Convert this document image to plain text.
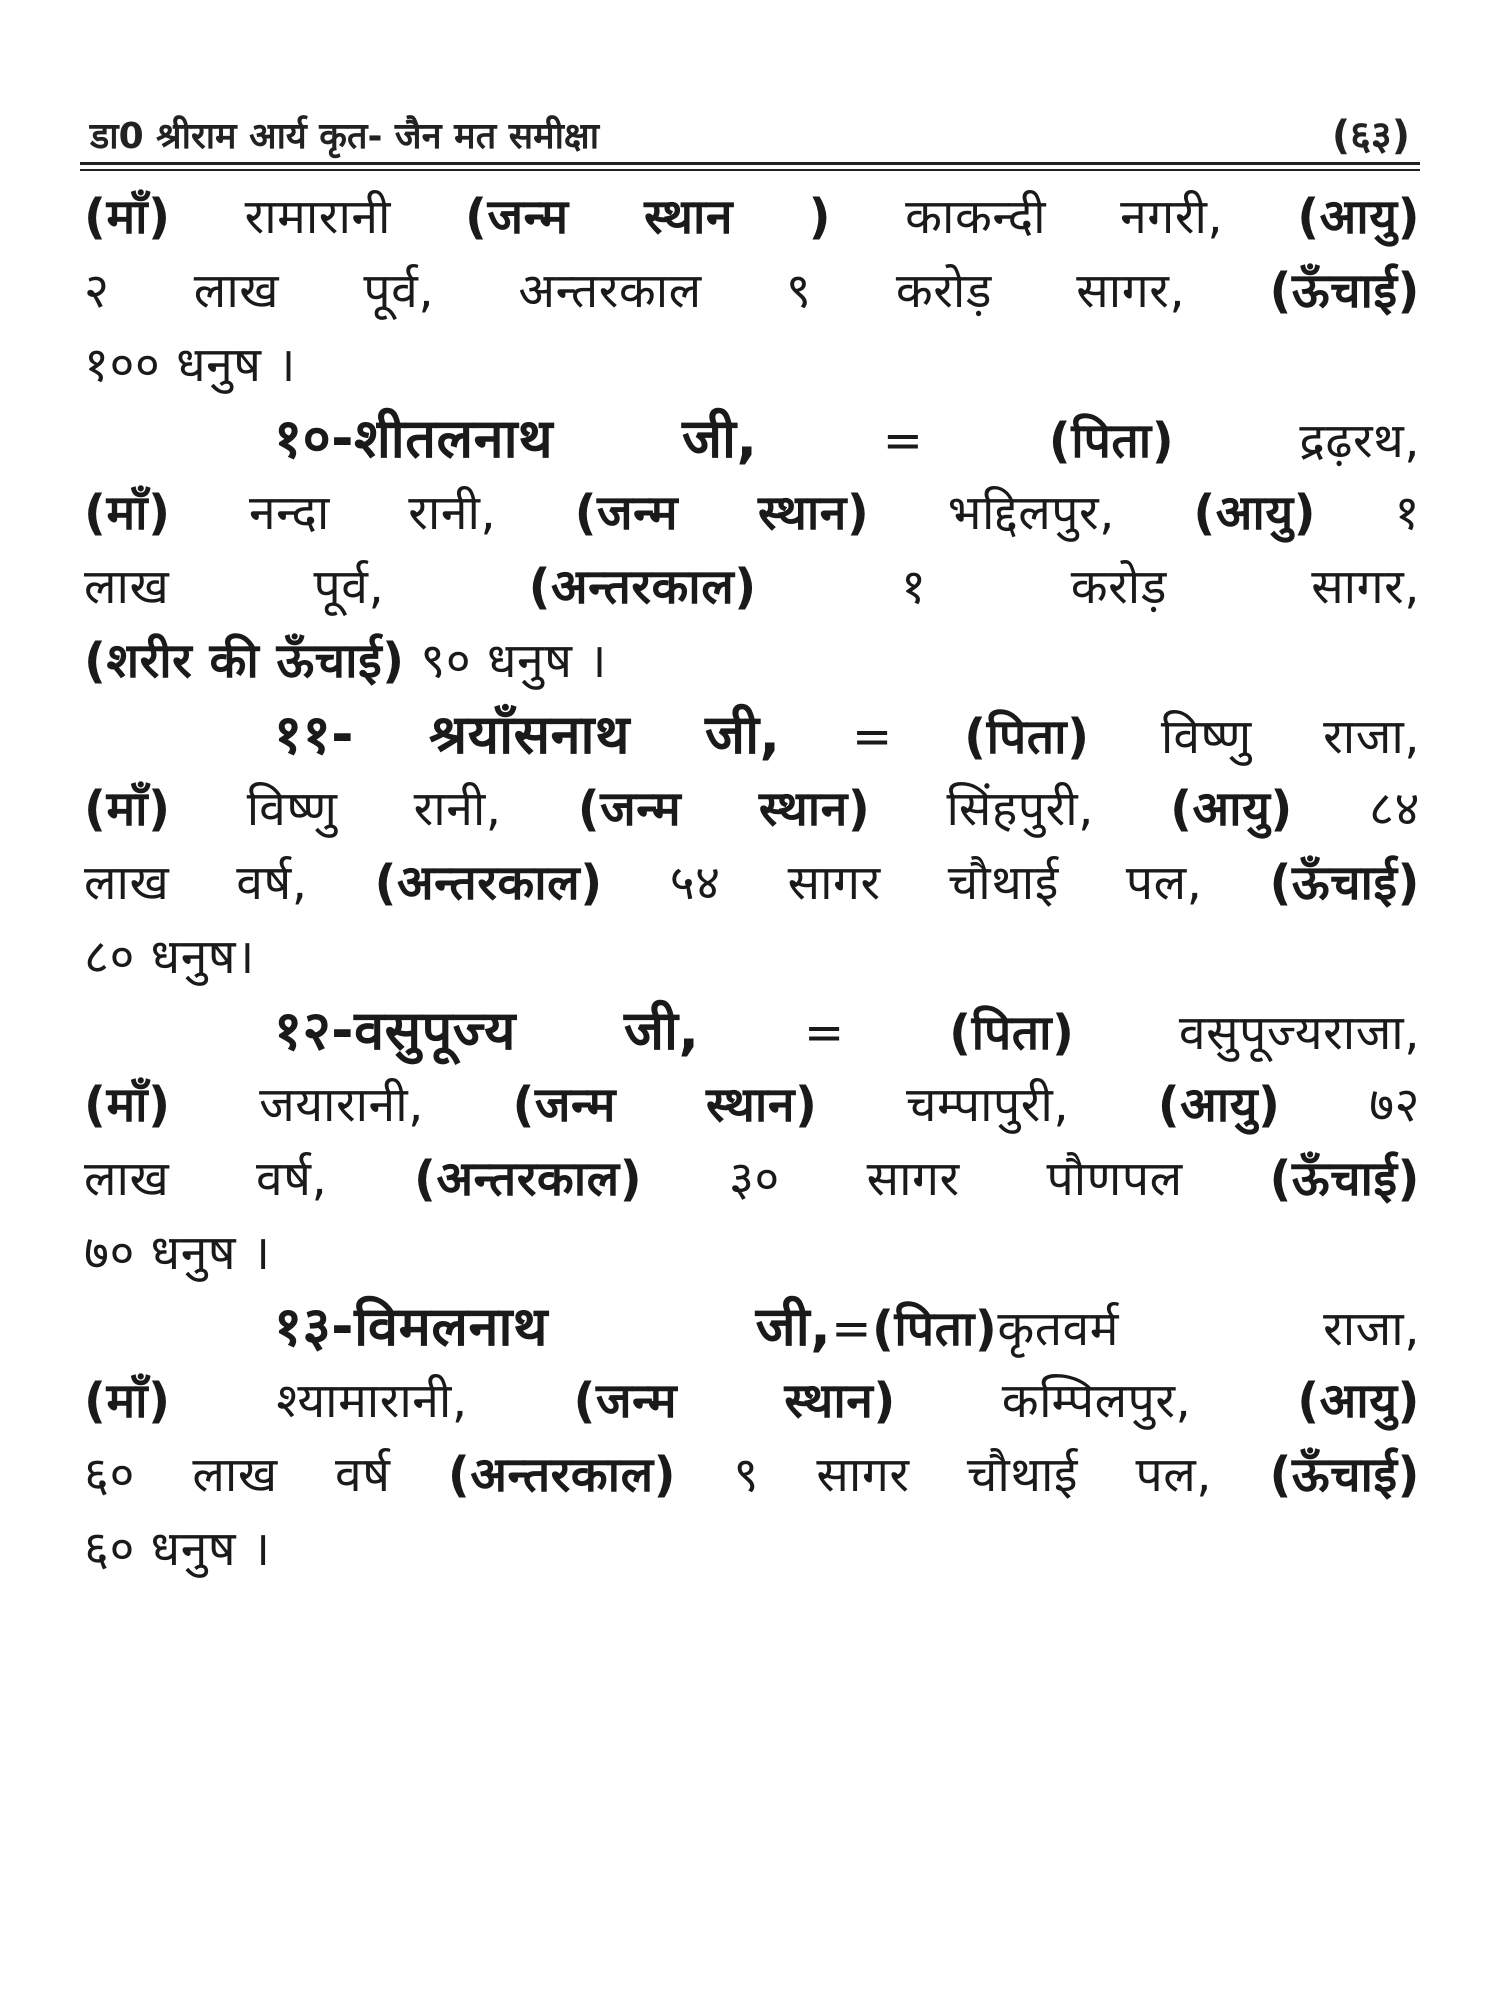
डा0 श्रीराम आर्य कृत- जैन मत समीक्षा	(६३)
(माँ) रामारानी (जन्म स्थान ) काकन्दी नगरी, (आयु)
२ लाख पूर्व, अन्तरकाल ९ करोड़ सागर, (ऊँचाई)
१०० धनुष ।
१०-शीतलनाथ जी, = (पिता) द्रढ़रथ,
(माँ) नन्दा रानी, (जन्म स्थान) भद्दिलपुर, (आयु) १
लाख पूर्व, (अन्तरकाल) १ करोड़ सागर,
(शरीर की ऊँचाई) ९० धनुष ।
११- श्रयाँसनाथ जी, = (पिता) विष्णु राजा,
(माँ) विष्णु रानी, (जन्म स्थान) सिंहपुरी, (आयु) ८४
लाख वर्ष, (अन्तरकाल) ५४ सागर चौथाई पल, (ऊँचाई)
८० धनुष।
१२-वसुपूज्य जी, = (पिता) वसुपूज्यराजा,
(माँ) जयारानी, (जन्म स्थान) चम्पापुरी, (आयु) ७२
लाख वर्ष, (अन्तरकाल) ३० सागर पौणपल (ऊँचाई)
७० धनुष ।
१३-विमलनाथ जी,=(पिता)कृतवर्म राजा,
(माँ) श्यामारानी, (जन्म स्थान) कम्पिलपुर, (आयु)
६० लाख वर्ष (अन्तरकाल) ९ सागर चौथाई पल, (ऊँचाई)
६० धनुष ।
